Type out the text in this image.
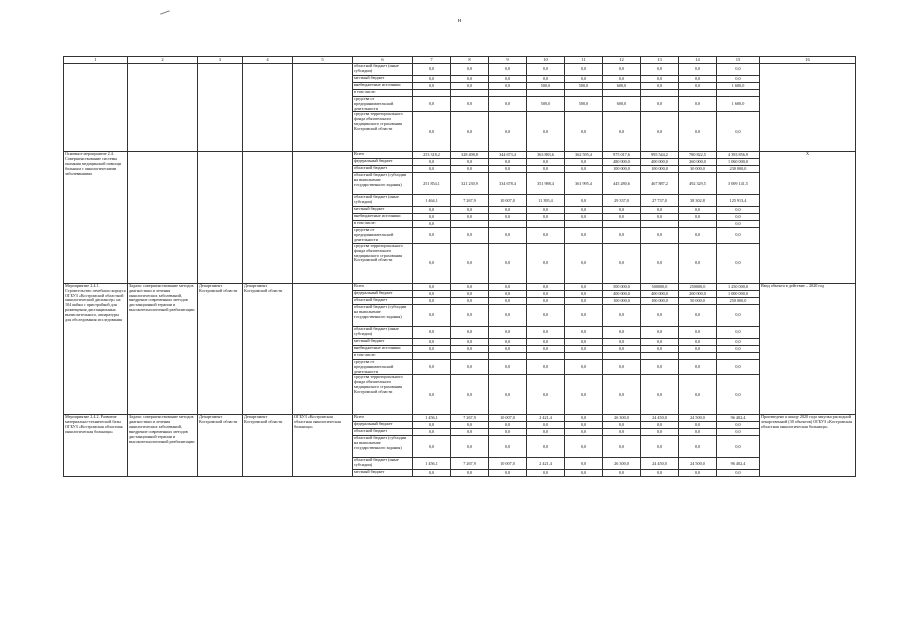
н
1	2	3	4	5	6	7	8	9	10	11	12	13	14	15	16
					областной бюджет (иные субсидии)	0,0	0,0	0,0	0,0	0,0	0,0	0,0	0,0	0,0	
					местный бюджет	0,0	0,0	0,0	0,0	0,0	0,0	0,0	0,0	0,0	
					внебюджетные источники	0,0	0,0	0,0	500,0	500,0	600,0	0,0	0,0	1 600,0	
					в том числе:										
					средства от предпринимательской деятельности	0,0	0,0	0,0	500,0	500,0	600,0	0,0	0,0	1 600,0	
					средства территориального фонда обязательного медицинского страхования Костромской области	0,0	0,0	0,0	0,0	0,0	0,0	0,0	0,0	0,0	
Основное мероприятие 2.4. Совершенствование системы оказания медицинской помощи больным с онкологическими заболеваниями					Всего	253 318,2	328 498,8	344 673,4	363 883,6	362 595,4	975 017,6	995 544,2	780 822,5	4 393 856,9	X
					федеральный бюджет	0,0	0,0	0,0	0,0	0,0	480 000,0	400 000,0	260 000,0	1 060 000,0	
					областной бюджет	0,0	0,0	0,0	0,0	0,0	100 000,0	100 000,0	30 000,0	230 000,0	
					областной бюджет (субсидии на выполнение государственного задания)	251 854,1	321 230,9	334 678,4	351 988,4	361 995,4	445 280,6	467 887,2	492 329,5	3 009 141,5	
					областной бюджет (иные субсидии)	1 464,1	7 267,9	10 007,0	11 395,4	0,0	29 337,0	27 737,0	38 302,8	125 913,4	
					местный бюджет	0,0	0,0	0,0	0,0	0,0	0,0	0,0	0,0	0,0	
					внебюджетные источники	0,0	0,0	0,0	0,0	0,0	0,0	0,0	0,0	0,0	
					в том числе:	0,0								0,0	
					средства от предпринимательской деятельности	0,0	0,0	0,0	0,0	0,0	0,0	0,0	0,0	0,0	
					средства территориального фонда обязательного медицинского страхования Костромской области	0,0	0,0	0,0	0,0	0,0	0,0	0,0	0,0	0,0	
Мероприятие 2.4.1. Строительство лечебного корпуса ОГБУЗ «Костромской областной онкологический диспансер» на 104 койки с пристройкой для размещения дистанционных вычислительного, аппаратуры для обследования исследования	Задача: совершенствование методов диагностики и лечения онкологических заболеваний, внедрение современных методов дистанционной терапии и высокотехнологичной реабилитации	Департамент Костромской области	Департамент Костромской области		Всего	0,0	0,0	0,0	0,0	0,0	500 000,0	500000,0	250000,0	1 250 000,0	Ввод объекта в действие – 2020 год
					федеральный бюджет	0,0	0,0	0,0	0,0	0,0	400 000,0	400 000,0	200 000,0	1 000 000,0	
					областной бюджет	0,0	0,0	0,0	0,0	0,0	100 000,0	100 000,0	50 000,0	250 000,0	
					областной бюджет (субсидии на выполнение государственного задания)	0,0	0,0	0,0	0,0	0,0	0,0	0,0	0,0	0,0	
					областной бюджет (иные субсидии)	0,0	0,0	0,0	0,0	0,0	0,0	0,0	0,0	0,0	
					местный бюджет	0,0	0,0	0,0	0,0	0,0	0,0	0,0	0,0	0,0	
					внебюджетные источники	0,0	0,0	0,0	0,0	0,0	0,0	0,0	0,0	0,0	
					в том числе:										
					средства от предпринимательской деятельности	0,0	0,0	0,0	0,0	0,0	0,0	0,0	0,0	0,0	
					средства территориального фонда обязательного медицинского страхования Костромской области	0,0	0,0	0,0	0,0	0,0	0,0	0,0	0,0	0,0	
Мероприятие 2.4.2. Развитие материально-технической базы ОГБУЗ «Костромская областная онкологическая больница»	Задача: совершенствование методов диагностики и лечения онкологических заболеваний, внедрение современных методов дистанционной терапии и высокотехнологичной реабилитации	Департамент Костромской области	Департамент Костромской области	ОГБУЗ «Костромская областная онкологическая больница»	Всего	1 456,1	7 267,9	10 007,0	2 421,4	0,0	26 300,0	24 450,0	24 500,0	96 402,4	Произведено к концу 2020 года закупка расходной лекарственной (30 объектов) ОГБУЗ «Костромская областная онкологическая больница»
					федеральный бюджет	0,0	0,0	0,0	0,0	0,0	0,0	0,0	0,0	0,0	
					областной бюджет	0,0	0,0	0,0	0,0	0,0	0,0	0,0	0,0	0,0	
					областной бюджет (субсидии на выполнение государственного задания)	0,0	0,0	0,0	0,0	0,0	0,0	0,0	0,0	0,0	
					областной бюджет (иные субсидии)	1 456,1	7 267,9	10 007,0	2 421,4	0,0	26 300,0	24 450,0	24 500,0	96 402,4	
					местный бюджет	0,0	0,0	0,0	0,0	0,0	0,0	0,0	0,0	0,0	
